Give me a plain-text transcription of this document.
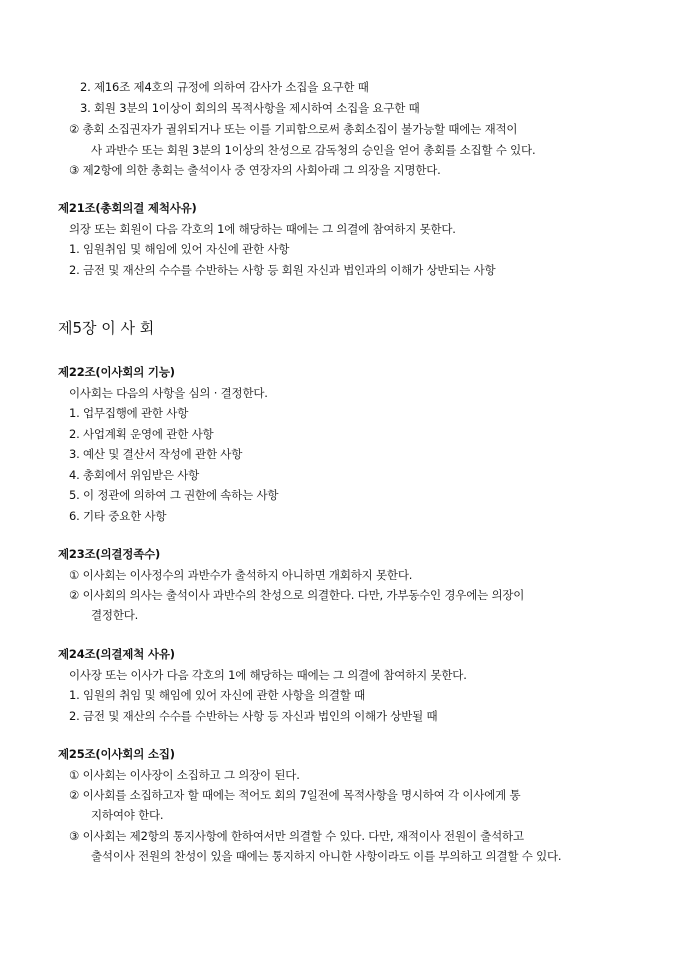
2. 제16조 제4호의 규정에 의하여 감사가 소집을 요구한 때
3. 회원 3분의 1이상이 회의의 목적사항을 제시하여 소집을 요구한 때
② 총회 소집권자가 궐위되거나 또는 이를 기피함으로써 총회소집이 불가능할 때에는 재적이
사 과반수 또는 회원 3분의 1이상의 찬성으로 감독청의 승인을 얻어 총회를 소집할 수 있다.
③ 제2항에 의한 총회는 출석이사 중 연장자의 사회아래 그 의장을 지명한다.
제21조(총회의결 제척사유)
의장 또는 회원이 다음 각호의 1에 해당하는 때에는 그 의결에 참여하지 못한다.
1. 임원취임 및 해임에 있어 자신에 관한 사항
2. 금전 및 재산의 수수를 수반하는 사항 등 회원 자신과 법인과의 이해가 상반되는 사항
제5장 이 사 회
제22조(이사회의 기능)
이사회는 다음의 사항을 심의 · 결정한다.
1. 업무집행에 관한 사항
2. 사업계획 운영에 관한 사항
3. 예산 및 결산서 작성에 관한 사항
4. 총회에서 위임받은 사항
5. 이 정관에 의하여 그 권한에 속하는 사항
6. 기타 중요한 사항
제23조(의결정족수)
① 이사회는 이사정수의 과반수가 출석하지 아니하면 개회하지 못한다.
② 이사회의 의사는 출석이사 과반수의 찬성으로 의결한다. 다만, 가부동수인 경우에는 의장이
결정한다.
제24조(의결제척 사유)
이사장 또는 이사가 다음 각호의 1에 해당하는 때에는 그 의결에 참여하지 못한다.
1. 임원의 취임 및 해임에 있어 자신에 관한 사항을 의결할 때
2. 금전 및 재산의 수수를 수반하는 사항 등 자신과 법인의 이해가 상반될 때
제25조(이사회의 소집)
① 이사회는 이사장이 소집하고 그 의장이 된다.
② 이사회를 소집하고자 할 때에는 적어도 회의 7일전에 목적사항을 명시하여 각 이사에게 통
지하여야 한다.
③ 이사회는 제2항의 통지사항에 한하여서만 의결할 수 있다. 다만, 재적이사 전원이 출석하고
출석이사 전원의 찬성이 있을 때에는 통지하지 아니한 사항이라도 이를 부의하고 의결할 수 있다.
